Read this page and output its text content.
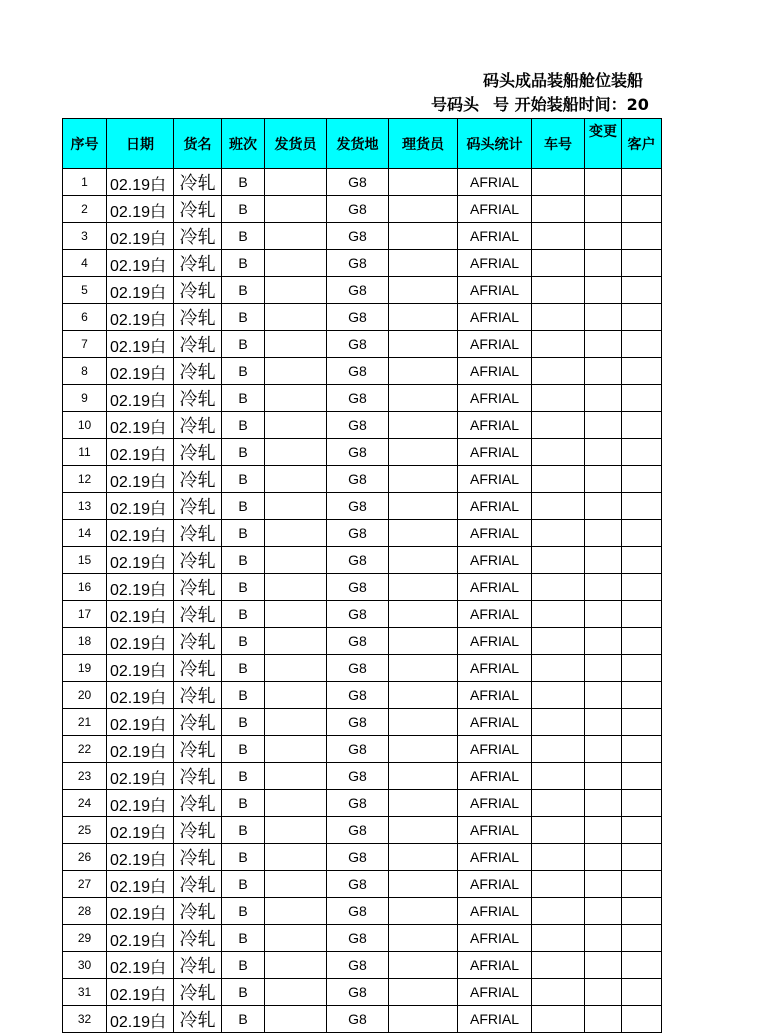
码头成品装船舱位装船
号码头 号 开始装船时间：20
序号	日期	货名	班次	发货员	发货地	理货员	码头统计	车号	变更	客户
1	02.19白	冷轧	B		G8		AFRIAL			
2	02.19白	冷轧	B		G8		AFRIAL			
3	02.19白	冷轧	B		G8		AFRIAL			
4	02.19白	冷轧	B		G8		AFRIAL			
5	02.19白	冷轧	B		G8		AFRIAL			
6	02.19白	冷轧	B		G8		AFRIAL			
7	02.19白	冷轧	B		G8		AFRIAL			
8	02.19白	冷轧	B		G8		AFRIAL			
9	02.19白	冷轧	B		G8		AFRIAL			
10	02.19白	冷轧	B		G8		AFRIAL			
11	02.19白	冷轧	B		G8		AFRIAL			
12	02.19白	冷轧	B		G8		AFRIAL			
13	02.19白	冷轧	B		G8		AFRIAL			
14	02.19白	冷轧	B		G8		AFRIAL			
15	02.19白	冷轧	B		G8		AFRIAL			
16	02.19白	冷轧	B		G8		AFRIAL			
17	02.19白	冷轧	B		G8		AFRIAL			
18	02.19白	冷轧	B		G8		AFRIAL			
19	02.19白	冷轧	B		G8		AFRIAL			
20	02.19白	冷轧	B		G8		AFRIAL			
21	02.19白	冷轧	B		G8		AFRIAL			
22	02.19白	冷轧	B		G8		AFRIAL			
23	02.19白	冷轧	B		G8		AFRIAL			
24	02.19白	冷轧	B		G8		AFRIAL			
25	02.19白	冷轧	B		G8		AFRIAL			
26	02.19白	冷轧	B		G8		AFRIAL			
27	02.19白	冷轧	B		G8		AFRIAL			
28	02.19白	冷轧	B		G8		AFRIAL			
29	02.19白	冷轧	B		G8		AFRIAL			
30	02.19白	冷轧	B		G8		AFRIAL			
31	02.19白	冷轧	B		G8		AFRIAL			
32	02.19白	冷轧	B		G8		AFRIAL			
